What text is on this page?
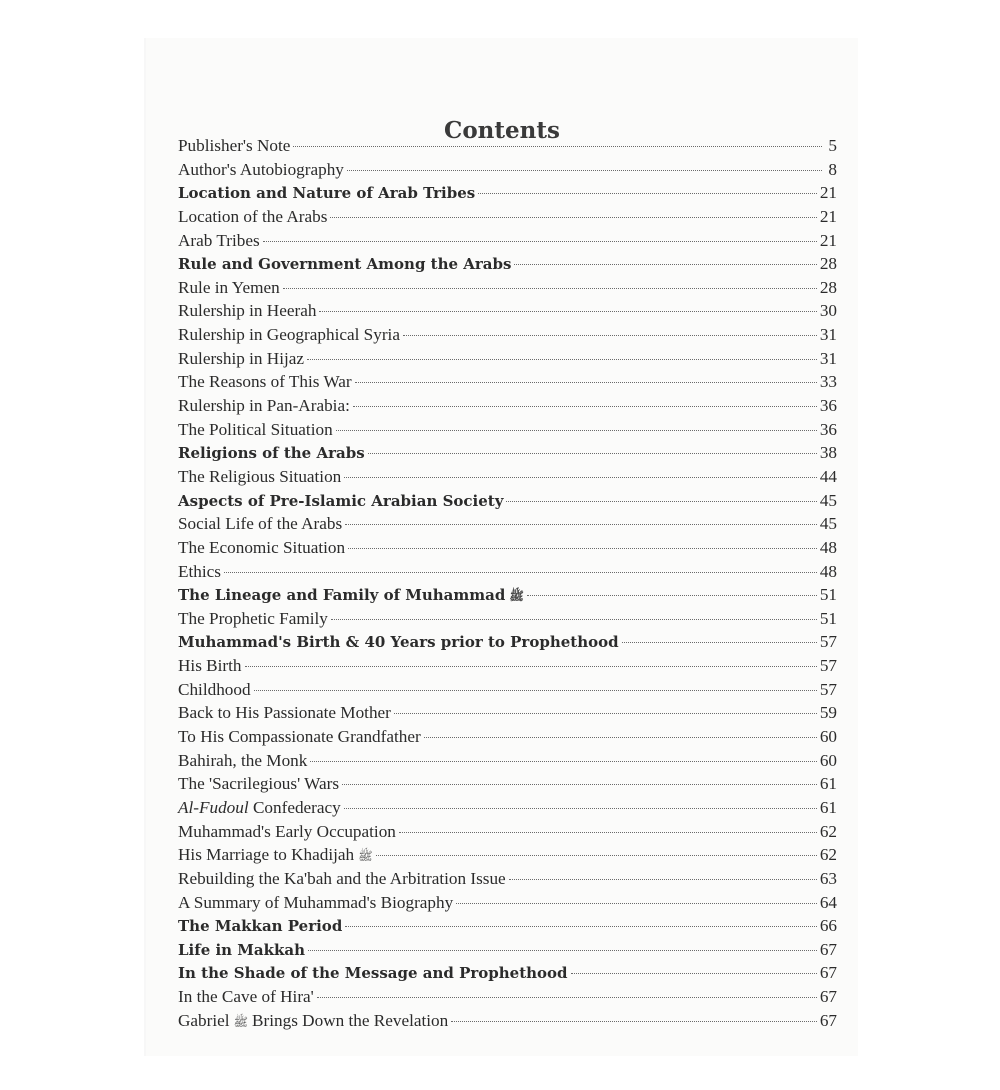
Contents
Publisher's Note	5
Author's Autobiography	8
Location and Nature of Arab Tribes	21
Location of the Arabs	21
Arab Tribes	21
Rule and Government Among the Arabs	28
Rule in Yemen	28
Rulership in Heerah	30
Rulership in Geographical Syria	31
Rulership in Hijaz	31
The Reasons of This War	33
Rulership in Pan-Arabia:	36
The Political Situation	36
Religions of the Arabs	38
The Religious Situation	44
Aspects of Pre-Islamic Arabian Society	45
Social Life of the Arabs	45
The Economic Situation	48
Ethics	48
The Lineage and Family of Muhammad ﷺ	51
The Prophetic Family	51
Muhammad's Birth & 40 Years prior to Prophethood	57
His Birth	57
Childhood	57
Back to His Passionate Mother	59
To His Compassionate Grandfather	60
Bahirah, the Monk	60
The 'Sacrilegious' Wars	61
Al-Fudoul Confederacy	61
Muhammad's Early Occupation	62
His Marriage to Khadijah ﷺ	62
Rebuilding the Ka'bah and the Arbitration Issue	63
A Summary of Muhammad's Biography	64
The Makkan Period	66
Life in Makkah	67
In the Shade of the Message and Prophethood	67
In the Cave of Hira'	67
Gabriel ﷺ Brings Down the Revelation	67
